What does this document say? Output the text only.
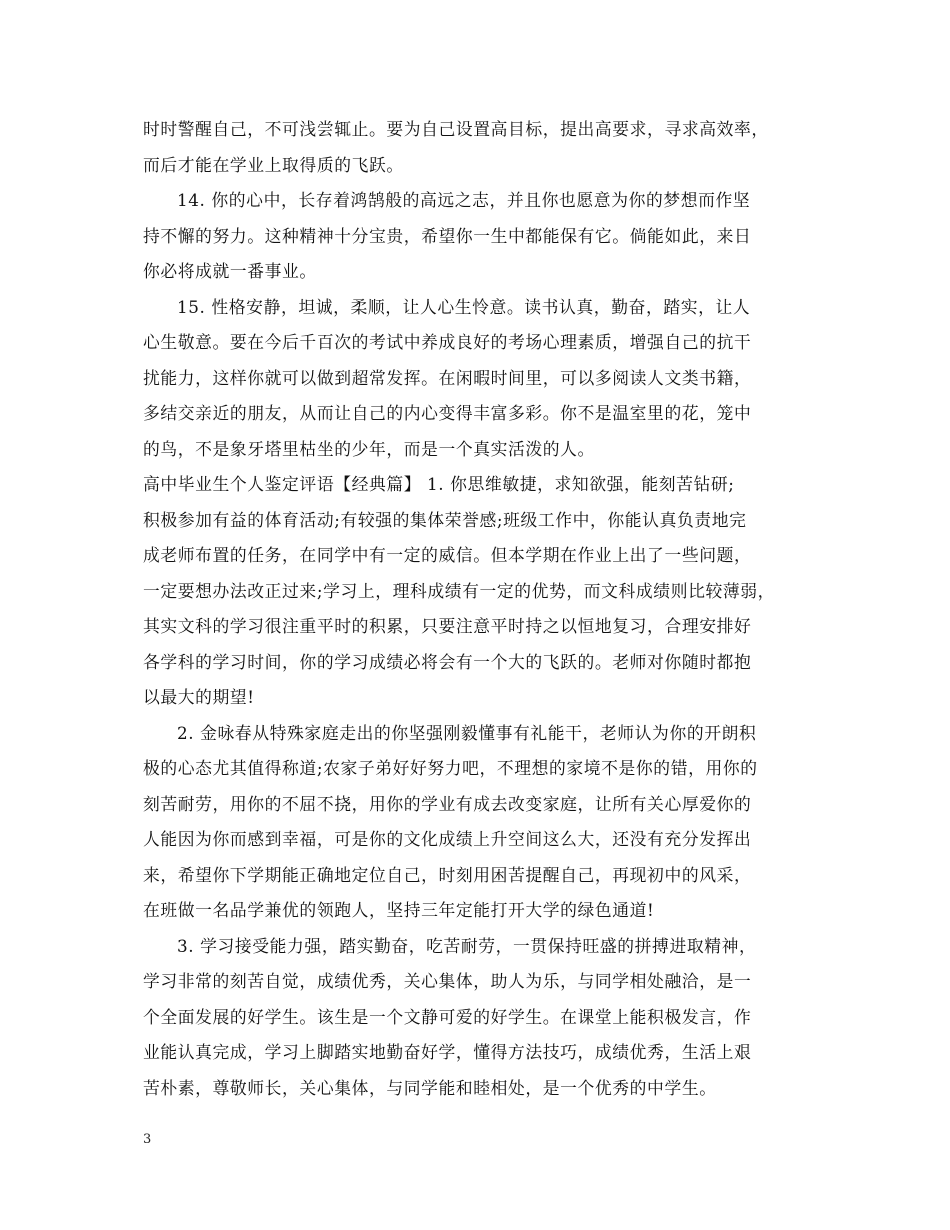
时时警醒自己，不可浅尝辄止。要为自己设置高目标，提出高要求，寻求高效率，
而后才能在学业上取得质的飞跃。
14. 你的心中，长存着鸿鹄般的高远之志，并且你也愿意为你的梦想而作坚
持不懈的努力。这种精神十分宝贵，希望你一生中都能保有它。倘能如此，来日
你必将成就一番事业。
15. 性格安静，坦诚，柔顺，让人心生怜意。读书认真，勤奋，踏实，让人
心生敬意。要在今后千百次的考试中养成良好的考场心理素质，增强自己的抗干
扰能力，这样你就可以做到超常发挥。在闲暇时间里，可以多阅读人文类书籍，
多结交亲近的朋友，从而让自己的内心变得丰富多彩。你不是温室里的花，笼中
的鸟，不是象牙塔里枯坐的少年，而是一个真实活泼的人。
高中毕业生个人鉴定评语【经典篇】 1. 你思维敏捷，求知欲强，能刻苦钻研;
积极参加有益的体育活动;有较强的集体荣誉感;班级工作中，你能认真负责地完
成老师布置的任务，在同学中有一定的威信。但本学期在作业上出了一些问题，
一定要想办法改正过来;学习上，理科成绩有一定的优势，而文科成绩则比较薄弱，
其实文科的学习很注重平时的积累，只要注意平时持之以恒地复习，合理安排好
各学科的学习时间，你的学习成绩必将会有一个大的飞跃的。老师对你随时都抱
以最大的期望!
2. 金咏春从特殊家庭走出的你坚强刚毅懂事有礼能干，老师认为你的开朗积
极的心态尤其值得称道;农家子弟好好努力吧，不理想的家境不是你的错，用你的
刻苦耐劳，用你的不屈不挠，用你的学业有成去改变家庭，让所有关心厚爱你的
人能因为你而感到幸福，可是你的文化成绩上升空间这么大，还没有充分发挥出
来，希望你下学期能正确地定位自己，时刻用困苦提醒自己，再现初中的风采，
在班做一名品学兼优的领跑人，坚持三年定能打开大学的绿色通道!
3. 学习接受能力强，踏实勤奋，吃苦耐劳，一贯保持旺盛的拼搏进取精神，
学习非常的刻苦自觉，成绩优秀，关心集体，助人为乐，与同学相处融洽，是一
个全面发展的好学生。该生是一个文静可爱的好学生。在课堂上能积极发言，作
业能认真完成，学习上脚踏实地勤奋好学，懂得方法技巧，成绩优秀，生活上艰
苦朴素，尊敬师长，关心集体，与同学能和睦相处，是一个优秀的中学生。
3
